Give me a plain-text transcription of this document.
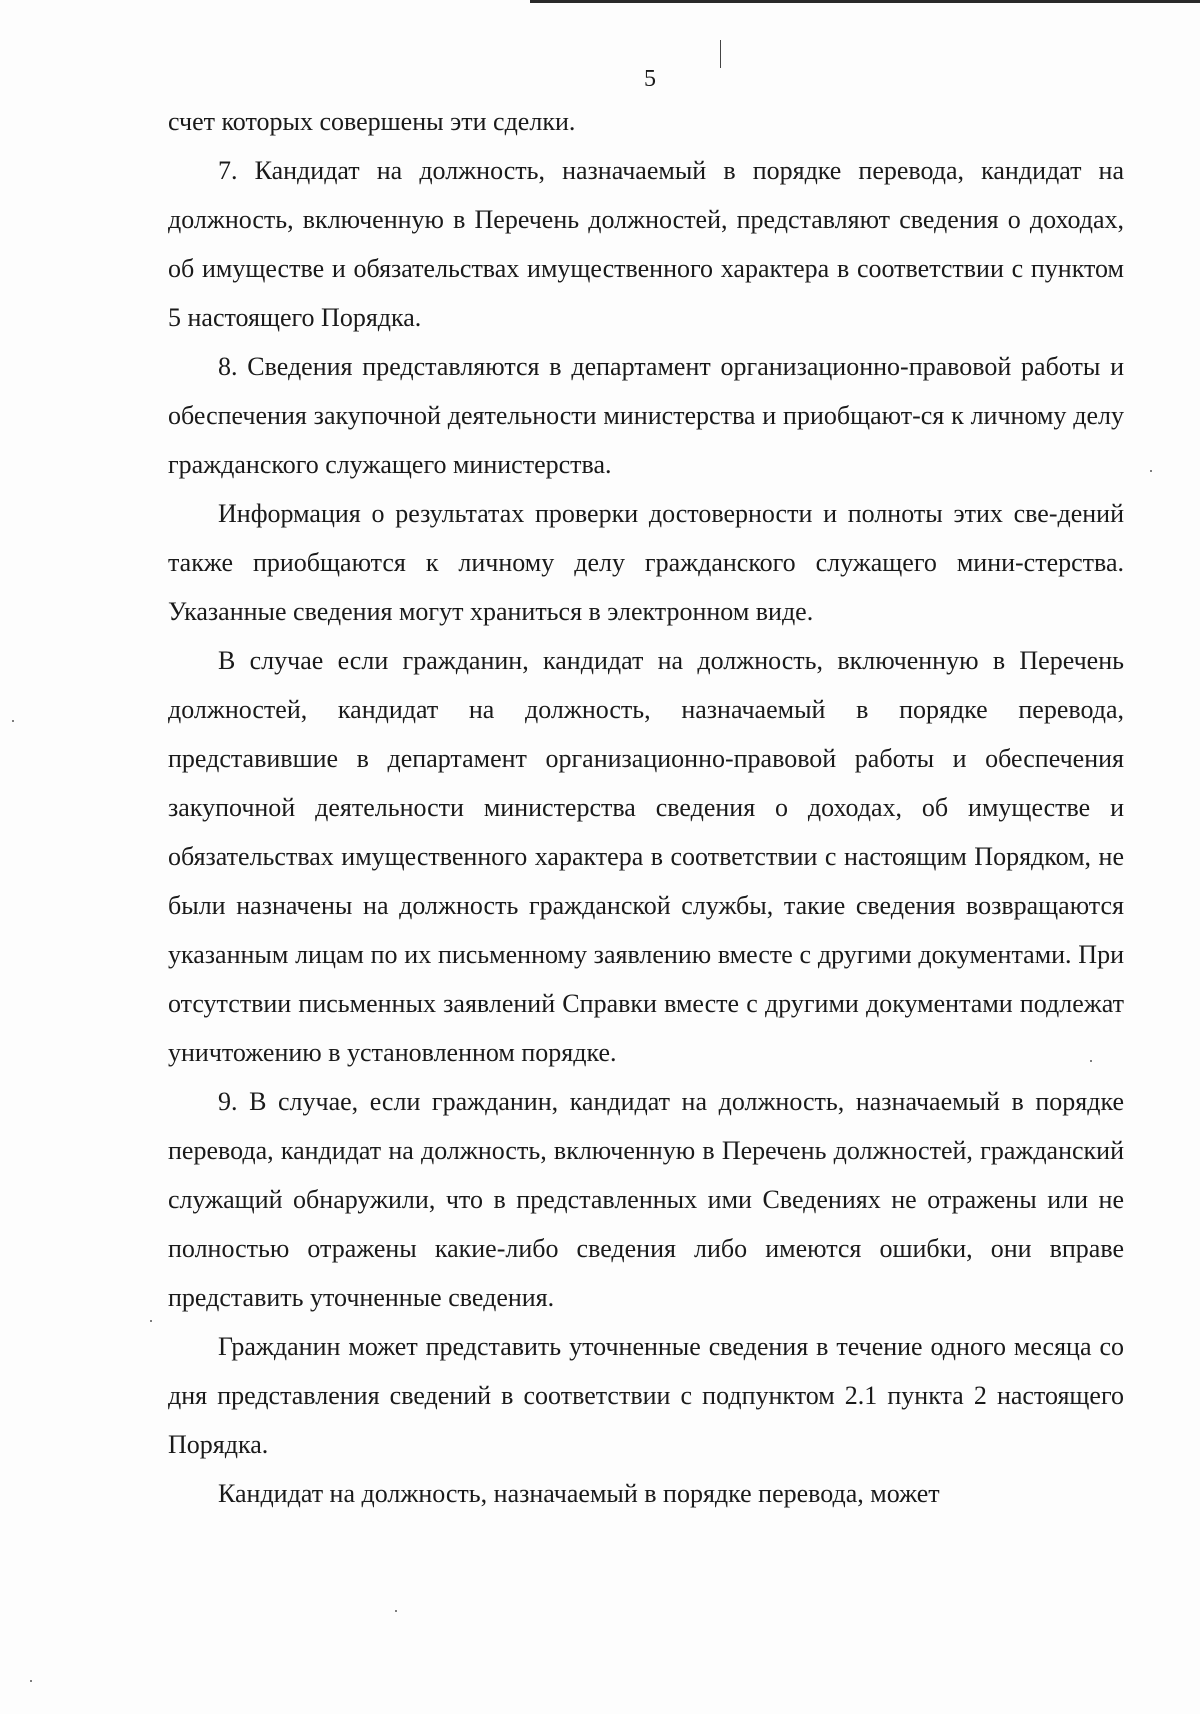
5

счет которых совершены эти сделки.

7. Кандидат на должность, назначаемый в порядке перевода, кандидат на должность, включенную в Перечень должностей, представляют сведения о доходах, об имуществе и обязательствах имущественного характера в соответствии с пунктом 5 настоящего Порядка.

8. Сведения представляются в департамент организационно-правовой работы и обеспечения закупочной деятельности министерства и приобщают-ся к личному делу гражданского служащего министерства.

Информация о результатах проверки достоверности и полноты этих све-дений также приобщаются к личному делу гражданского служащего мини-стерства. Указанные сведения могут храниться в электронном виде.

В случае если гражданин, кандидат на должность, включенную в Перечень должностей, кандидат на должность, назначаемый в порядке перевода, представившие в департамент организационно-правовой работы и обеспечения закупочной деятельности министерства сведения о доходах, об имуществе и обязательствах имущественного характера в соответствии с настоящим Порядком, не были назначены на должность гражданской службы, такие сведения возвращаются указанным лицам по их письменному заявлению вместе с другими документами. При отсутствии письменных заявлений Справки вместе с другими документами подлежат уничтожению в установленном порядке.

9. В случае, если гражданин, кандидат на должность, назначаемый в порядке перевода, кандидат на должность, включенную в Перечень должностей, гражданский служащий обнаружили, что в представленных ими Сведениях не отражены или не полностью отражены какие-либо сведения либо имеются ошибки, они вправе представить уточненные сведения.

Гражданин может представить уточненные сведения в течение одного месяца со дня представления сведений в соответствии с подпунктом 2.1 пункта 2 настоящего Порядка.

Кандидат на должность, назначаемый в порядке перевода, может
